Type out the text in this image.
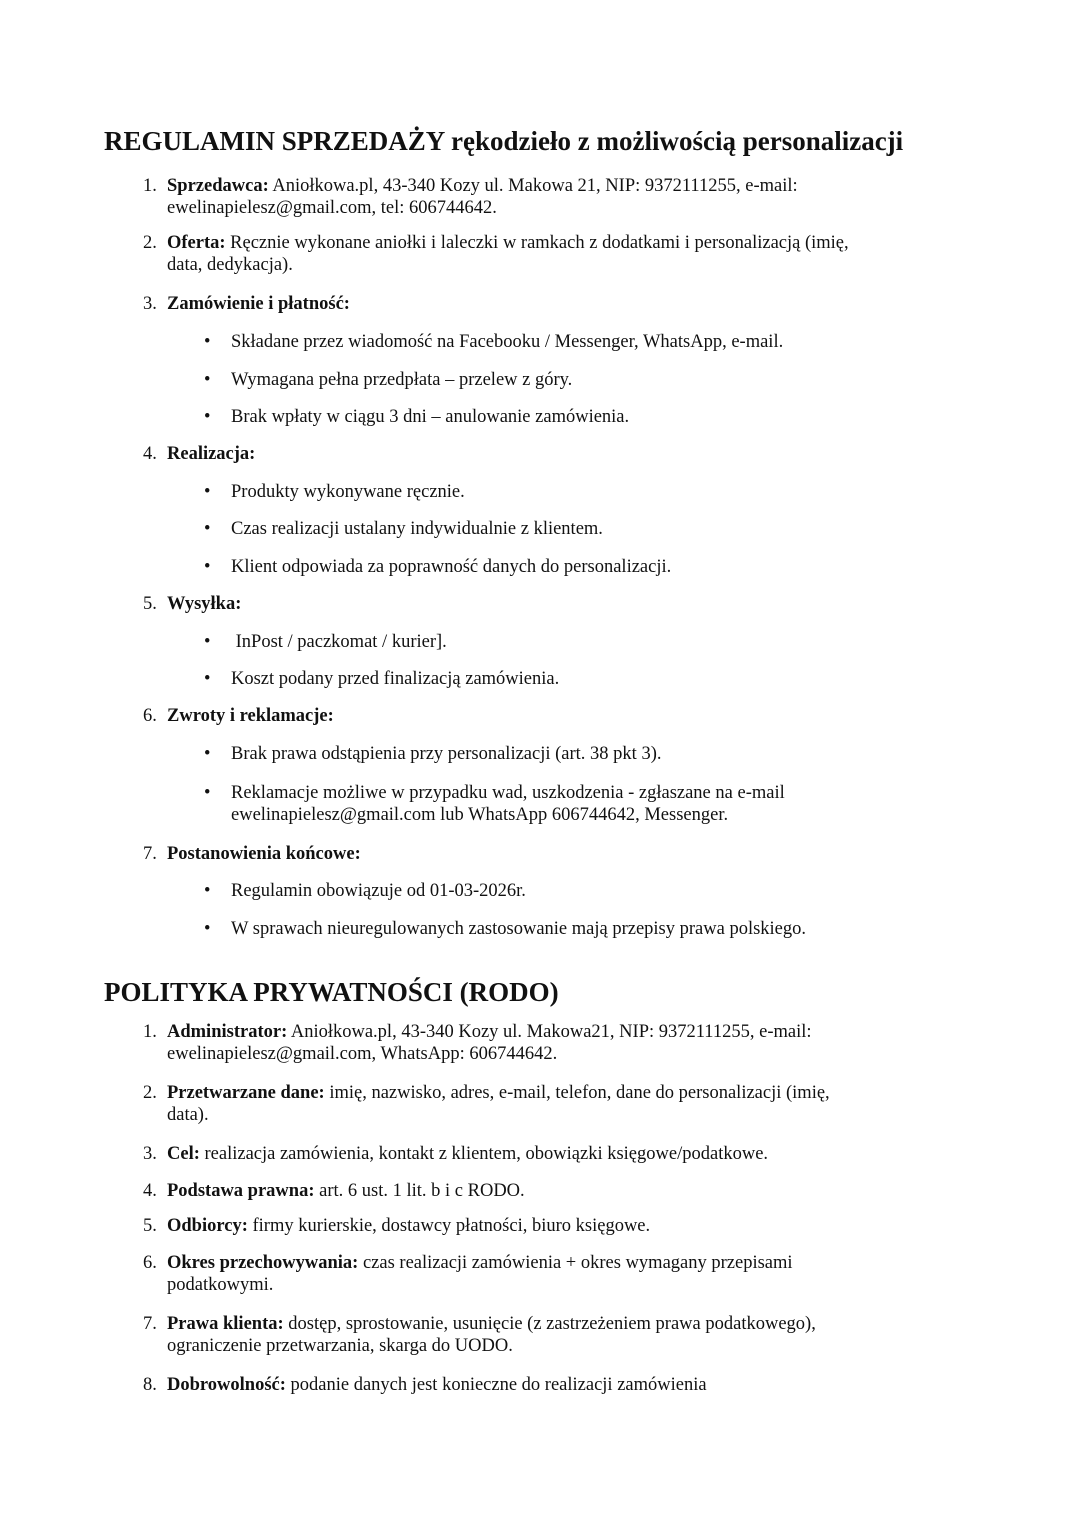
REGULAMIN SPRZEDAŻY rękodzieło z możliwością personalizacji
1. Sprzedawca: Aniołkowa.pl, 43-340 Kozy ul. Makowa 21, NIP: 9372111255, e-mail:
ewelinapielesz@gmail.com, tel: 606744642.
2. Oferta: Ręcznie wykonane aniołki i laleczki w ramkach z dodatkami i personalizacją (imię,
data, dedykacja).
3. Zamówienie i płatność:
• Składane przez wiadomość na Facebooku / Messenger, WhatsApp, e-mail.
• Wymagana pełna przedpłata – przelew z góry.
• Brak wpłaty w ciągu 3 dni – anulowanie zamówienia.
4. Realizacja:
• Produkty wykonywane ręcznie.
• Czas realizacji ustalany indywidualnie z klientem.
• Klient odpowiada za poprawność danych do personalizacji.
5. Wysyłka:
• InPost / paczkomat / kurier].
• Koszt podany przed finalizacją zamówienia.
6. Zwroty i reklamacje:
• Brak prawa odstąpienia przy personalizacji (art. 38 pkt 3).
• Reklamacje możliwe w przypadku wad, uszkodzenia - zgłaszane na e-mail
ewelinapielesz@gmail.com lub WhatsApp 606744642, Messenger.
7. Postanowienia końcowe:
• Regulamin obowiązuje od 01-03-2026r.
• W sprawach nieuregulowanych zastosowanie mają przepisy prawa polskiego.
POLITYKA PRYWATNOŚCI (RODO)
1. Administrator: Aniołkowa.pl, 43-340 Kozy ul. Makowa21, NIP: 9372111255, e-mail:
ewelinapielesz@gmail.com, WhatsApp: 606744642.
2. Przetwarzane dane: imię, nazwisko, adres, e-mail, telefon, dane do personalizacji (imię,
data).
3. Cel: realizacja zamówienia, kontakt z klientem, obowiązki księgowe/podatkowe.
4. Podstawa prawna: art. 6 ust. 1 lit. b i c RODO.
5. Odbiorcy: firmy kurierskie, dostawcy płatności, biuro księgowe.
6. Okres przechowywania: czas realizacji zamówienia + okres wymagany przepisami
podatkowymi.
7. Prawa klienta: dostęp, sprostowanie, usunięcie (z zastrzeżeniem prawa podatkowego),
ograniczenie przetwarzania, skarga do UODO.
8. Dobrowolność: podanie danych jest konieczne do realizacji zamówienia
